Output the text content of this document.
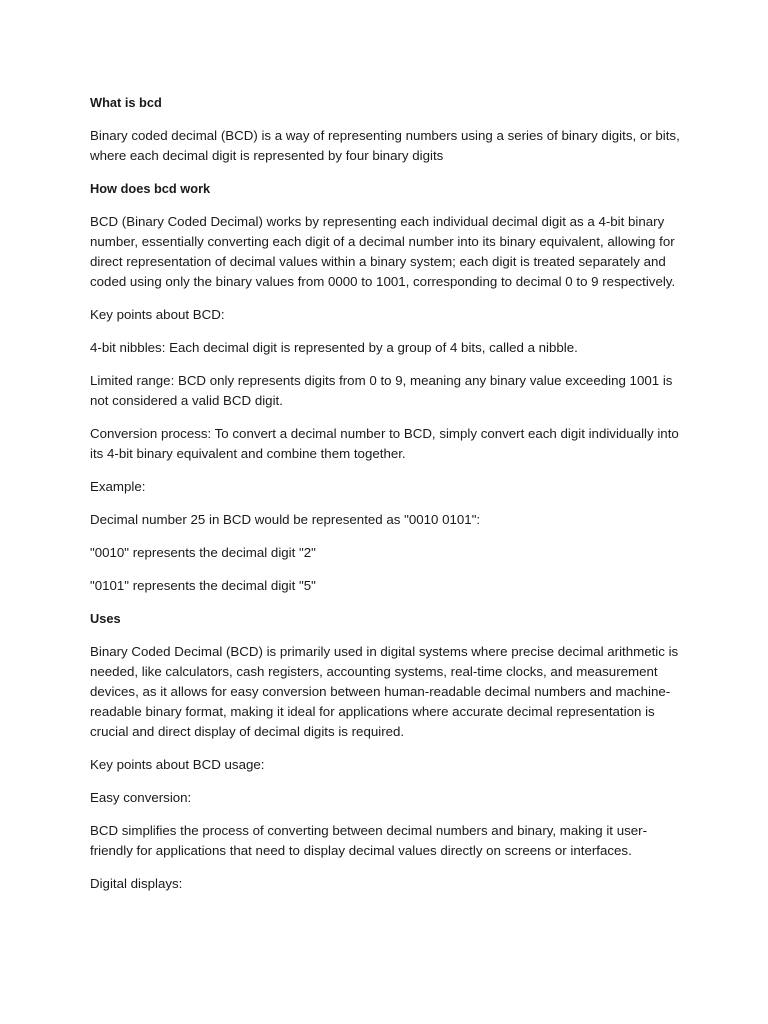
What is bcd

Binary coded decimal (BCD) is a way of representing numbers using a series of binary digits, or bits, where each decimal digit is represented by four binary digits

How does bcd work

BCD (Binary Coded Decimal) works by representing each individual decimal digit as a 4-bit binary number, essentially converting each digit of a decimal number into its binary equivalent, allowing for direct representation of decimal values within a binary system; each digit is treated separately and coded using only the binary values from 0000 to 1001, corresponding to decimal 0 to 9 respectively.

Key points about BCD:

4-bit nibbles: Each decimal digit is represented by a group of 4 bits, called a nibble.

Limited range: BCD only represents digits from 0 to 9, meaning any binary value exceeding 1001 is not considered a valid BCD digit.

Conversion process: To convert a decimal number to BCD, simply convert each digit individually into its 4-bit binary equivalent and combine them together.

Example:

Decimal number 25 in BCD would be represented as "0010 0101":

"0010" represents the decimal digit "2"

"0101" represents the decimal digit "5"

Uses

Binary Coded Decimal (BCD) is primarily used in digital systems where precise decimal arithmetic is needed, like calculators, cash registers, accounting systems, real-time clocks, and measurement devices, as it allows for easy conversion between human-readable decimal numbers and machine-readable binary format, making it ideal for applications where accurate decimal representation is crucial and direct display of decimal digits is required.

Key points about BCD usage:

Easy conversion:

BCD simplifies the process of converting between decimal numbers and binary, making it user-friendly for applications that need to display decimal values directly on screens or interfaces.

Digital displays:
